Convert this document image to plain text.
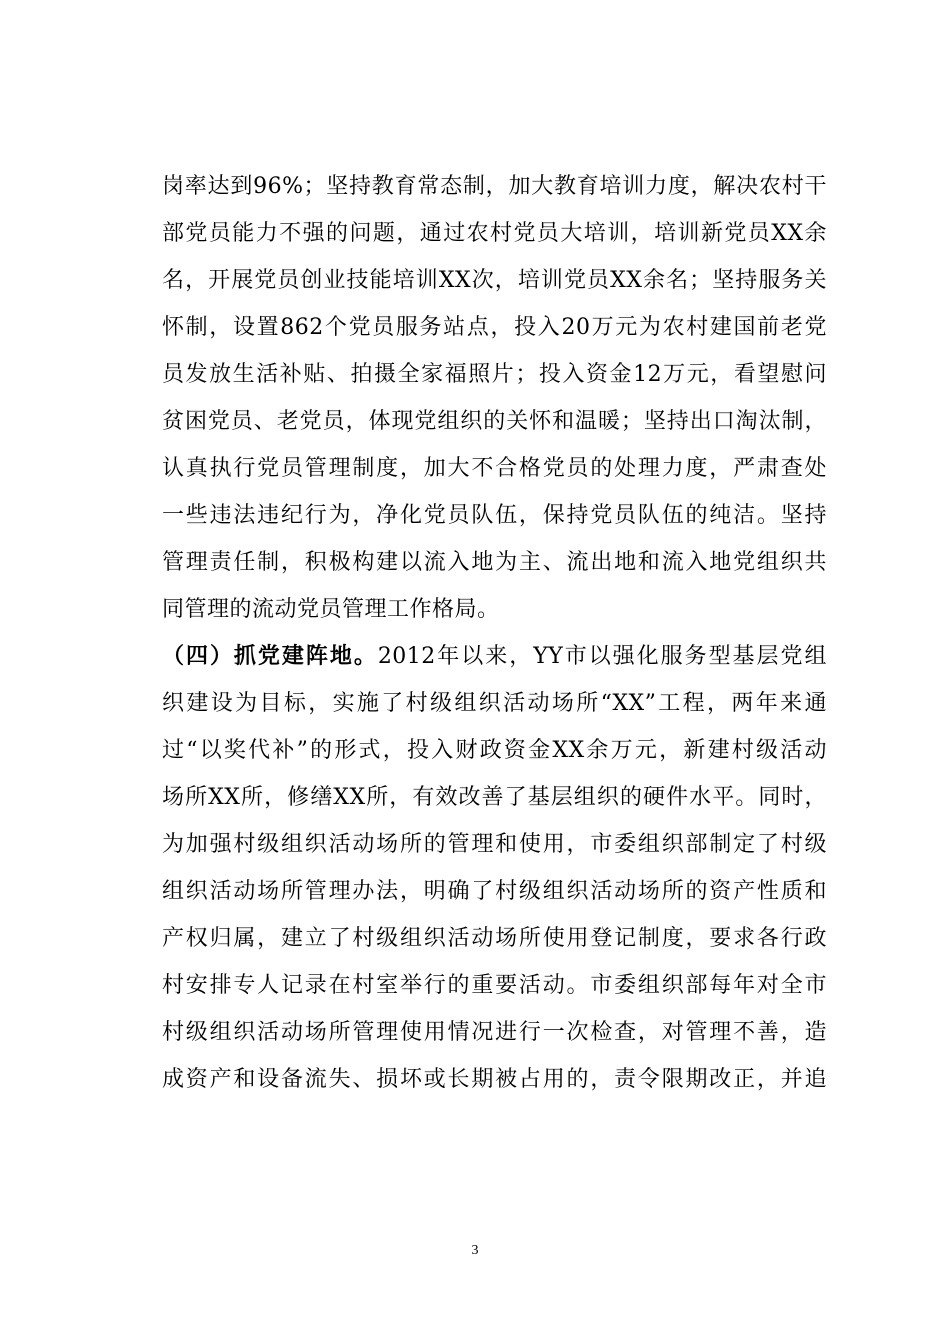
岗率达到96%；坚持教育常态制，加大教育培训力度，解决农村干
部党员能力不强的问题，通过农村党员大培训，培训新党员XX余
名，开展党员创业技能培训XX次，培训党员XX余名；坚持服务关
怀制，设置862个党员服务站点，投入20万元为农村建国前老党
员发放生活补贴、拍摄全家福照片；投入资金12万元，看望慰问
贫困党员、老党员，体现党组织的关怀和温暖；坚持出口淘汰制，
认真执行党员管理制度，加大不合格党员的处理力度，严肃查处
一些违法违纪行为，净化党员队伍，保持党员队伍的纯洁。坚持
管理责任制，积极构建以流入地为主、流出地和流入地党组织共
同管理的流动党员管理工作格局。
（四）抓党建阵地。2012年以来，YY市以强化服务型基层党组
织建设为目标，实施了村级组织活动场所“XX”工程，两年来通
过“以奖代补”的形式，投入财政资金XX余万元，新建村级活动
场所XX所，修缮XX所，有效改善了基层组织的硬件水平。同时，
为加强村级组织活动场所的管理和使用，市委组织部制定了村级
组织活动场所管理办法，明确了村级组织活动场所的资产性质和
产权归属，建立了村级组织活动场所使用登记制度，要求各行政
村安排专人记录在村室举行的重要活动。市委组织部每年对全市
村级组织活动场所管理使用情况进行一次检查，对管理不善，造
成资产和设备流失、损坏或长期被占用的，责令限期改正，并追
3
